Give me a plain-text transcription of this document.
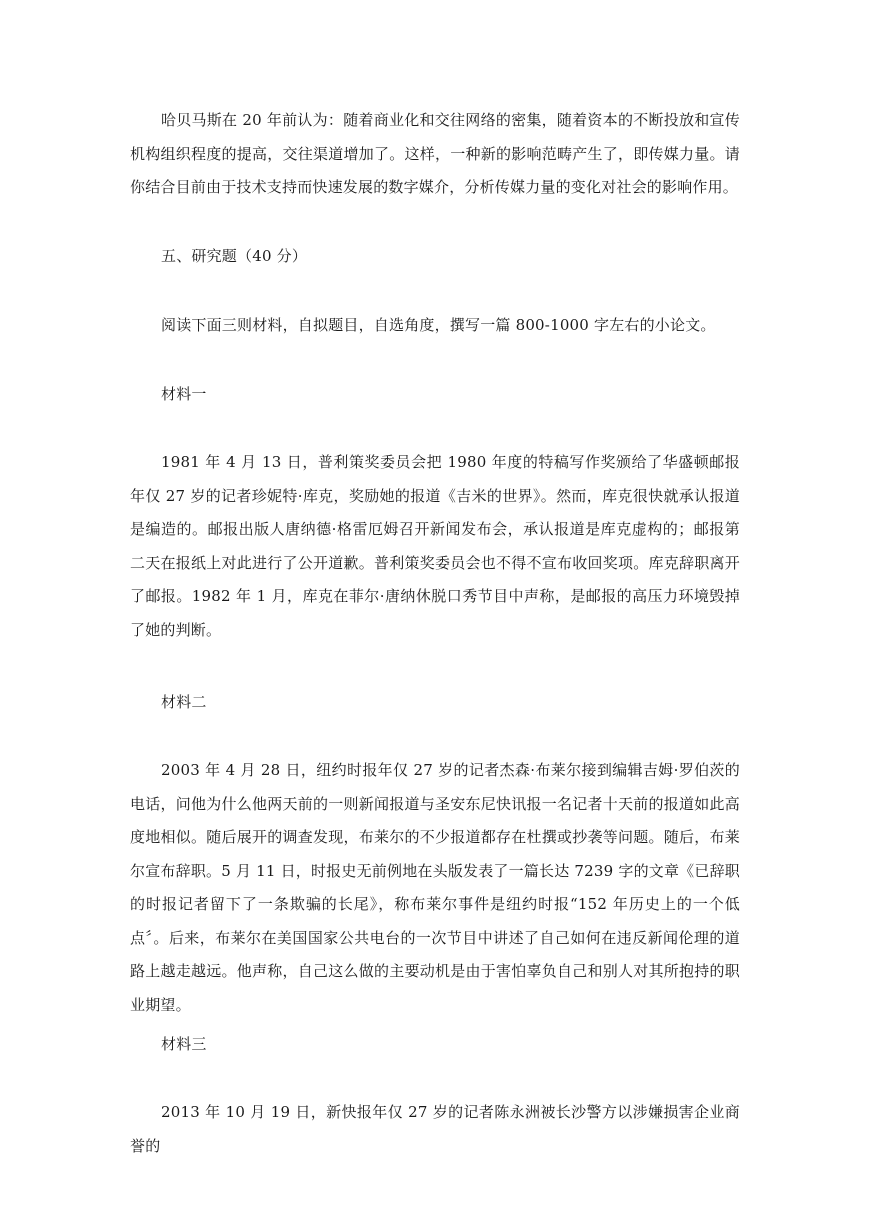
哈贝马斯在 20 年前认为：随着商业化和交往网络的密集，随着资本的不断投放和宣传机构组织程度的提高，交往渠道增加了。这样，一种新的影响范畴产生了，即传媒力量。请你结合目前由于技术支持而快速发展的数字媒介，分析传媒力量的变化对社会的影响作用。

五、研究题（40 分）

阅读下面三则材料，自拟题目，自选角度，撰写一篇 800-1000 字左右的小论文。

材料一

1981 年 4 月 13 日，普利策奖委员会把 1980 年度的特稿写作奖颁给了华盛顿邮报年仅 27 岁的记者珍妮特·库克，奖励她的报道《吉米的世界》。然而，库克很快就承认报道是编造的。邮报出版人唐纳德·格雷厄姆召开新闻发布会，承认报道是库克虚构的；邮报第二天在报纸上对此进行了公开道歉。普利策奖委员会也不得不宣布收回奖项。库克辞职离开了邮报。1982 年 1 月，库克在菲尔·唐纳休脱口秀节目中声称，是邮报的高压力环境毁掉了她的判断。

材料二

2003 年 4 月 28 日，纽约时报年仅 27 岁的记者杰森·布莱尔接到编辑吉姆·罗伯茨的电话，问他为什么他两天前的一则新闻报道与圣安东尼快讯报一名记者十天前的报道如此高度地相似。随后展开的调查发现，布莱尔的不少报道都存在杜撰或抄袭等问题。随后，布莱尔宣布辞职。5 月 11 日，时报史无前例地在头版发表了一篇长达 7239 字的文章《已辞职的时报记者留下了一条欺骗的长尾》，称布莱尔事件是纽约时报“152 年历史上的一个低点〞。后来，布莱尔在美国国家公共电台的一次节目中讲述了自己如何在违反新闻伦理的道路上越走越远。他声称，自己这么做的主要动机是由于害怕辜负自己和别人对其所抱持的职业期望。

材料三

2013 年 10 月 19 日，新快报年仅 27 岁的记者陈永洲被长沙警方以涉嫌损害企业商誉的
